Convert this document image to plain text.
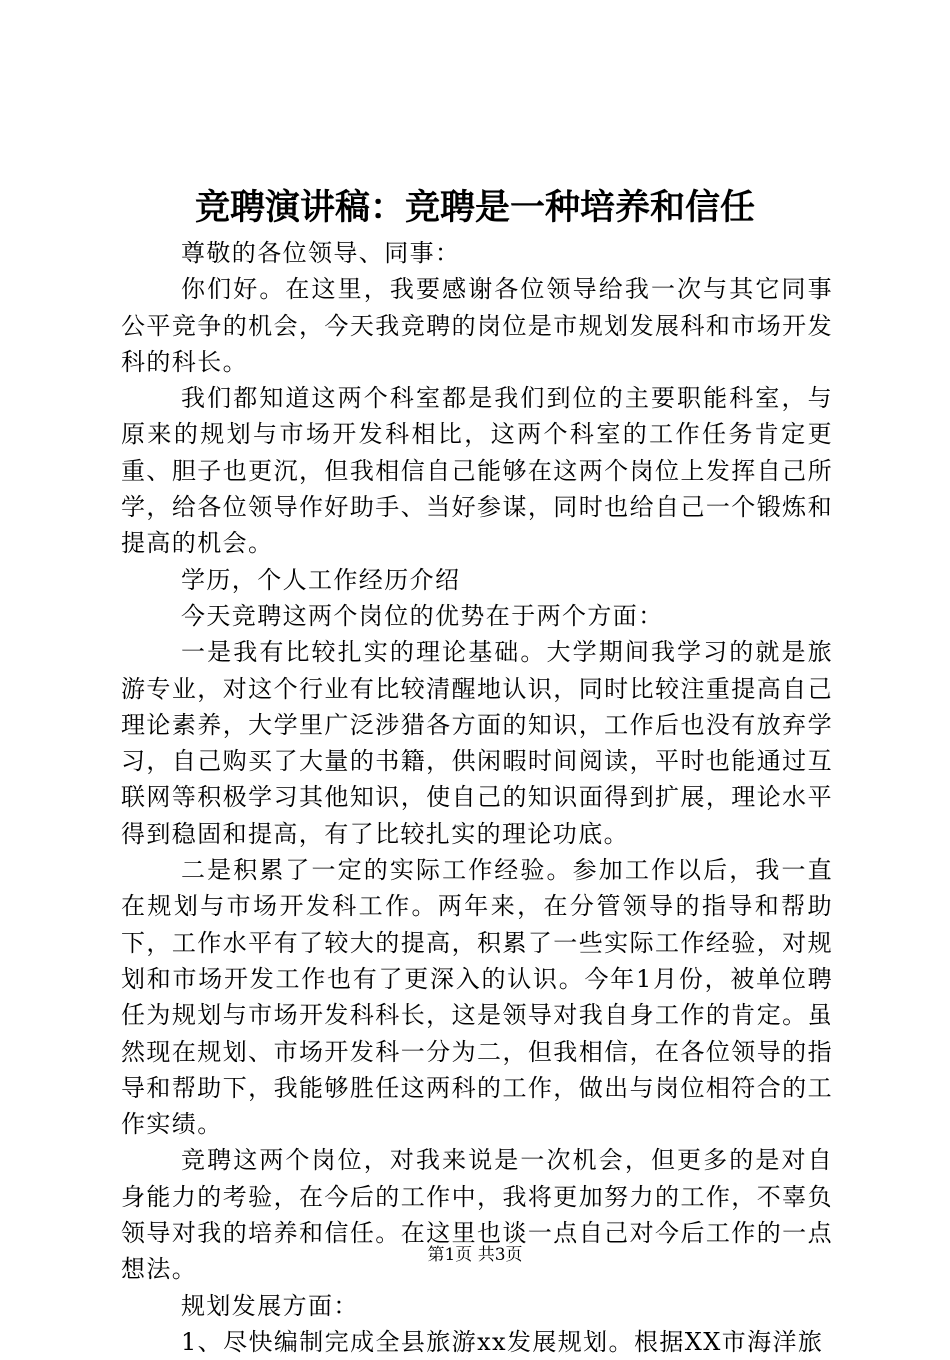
竞聘演讲稿：竞聘是一种培养和信任

尊敬的各位领导、同事：

你们好。在这里，我要感谢各位领导给我一次与其它同事公平竞争的机会，今天我竞聘的岗位是市规划发展科和市场开发科的科长。

我们都知道这两个科室都是我们到位的主要职能科室，与原来的规划与市场开发科相比，这两个科室的工作任务肯定更重、胆子也更沉，但我相信自己能够在这两个岗位上发挥自己所学，给各位领导作好助手、当好参谋，同时也给自己一个锻炼和提高的机会。

学历，个人工作经历介绍

今天竞聘这两个岗位的优势在于两个方面：

一是我有比较扎实的理论基础。大学期间我学习的就是旅游专业，对这个行业有比较清醒地认识，同时比较注重提高自己理论素养，大学里广泛涉猎各方面的知识，工作后也没有放弃学习，自己购买了大量的书籍，供闲暇时间阅读，平时也能通过互联网等积极学习其他知识，使自己的知识面得到扩展，理论水平得到稳固和提高，有了比较扎实的理论功底。

二是积累了一定的实际工作经验。参加工作以后，我一直在规划与市场开发科工作。两年来，在分管领导的指导和帮助下，工作水平有了较大的提高，积累了一些实际工作经验，对规划和市场开发工作也有了更深入的认识。今年1月份，被单位聘任为规划与市场开发科科长，这是领导对我自身工作的肯定。虽然现在规划、市场开发科一分为二，但我相信，在各位领导的指导和帮助下，我能够胜任这两科的工作，做出与岗位相符合的工作实绩。

竞聘这两个岗位，对我来说是一次机会，但更多的是对自身能力的考验，在今后的工作中，我将更加努力的工作，不辜负领导对我的培养和信任。在这里也谈一点自己对今后工作的一点想法。

规划发展方面：

1、尽快编制完成全县旅游xx发展规划。根据XX市海洋旅

第1页 共3页
